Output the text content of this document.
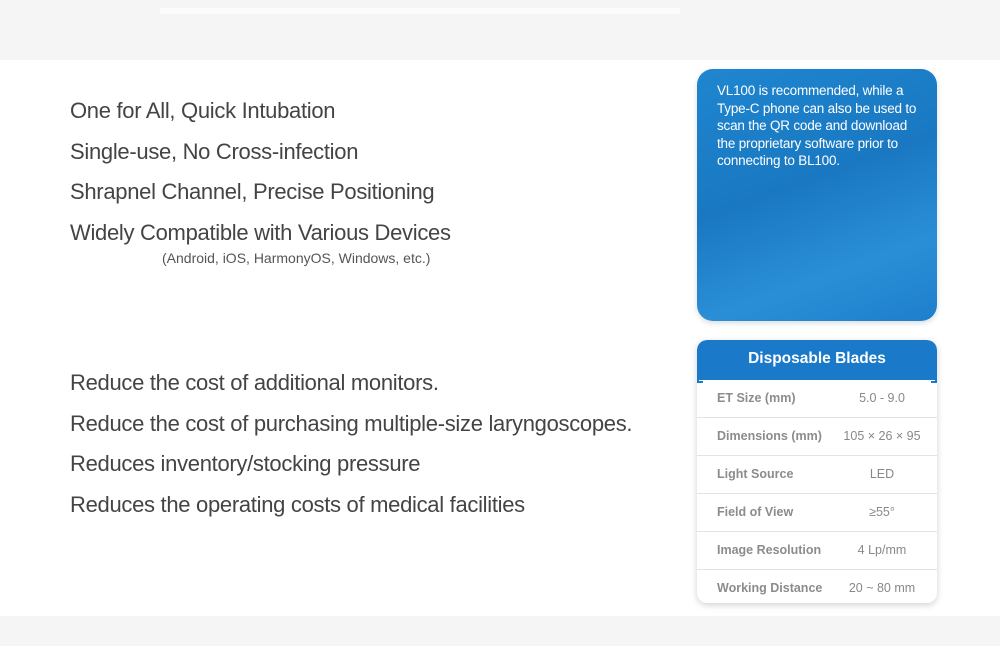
One for All, Quick Intubation
Single-use, No Cross-infection
Shrapnel Channel, Precise Positioning
Widely Compatible with Various Devices
(Android, iOS, HarmonyOS, Windows, etc.)
Reduce the cost of additional monitors.
Reduce the cost of purchasing multiple-size laryngoscopes.
Reduces inventory/stocking pressure
Reduces the operating costs of medical facilities
VL100 is recommended, while a Type-C phone can also be used to scan the QR code and download the proprietary software prior to connecting to BL100.
Disposable Blades
ET Size (mm)	5.0 - 9.0
Dimensions (mm)	105 × 26 × 95
Light Source	LED
Field of View	≥55°
Image Resolution	4 Lp/mm
Working Distance	20 ~ 80 mm
